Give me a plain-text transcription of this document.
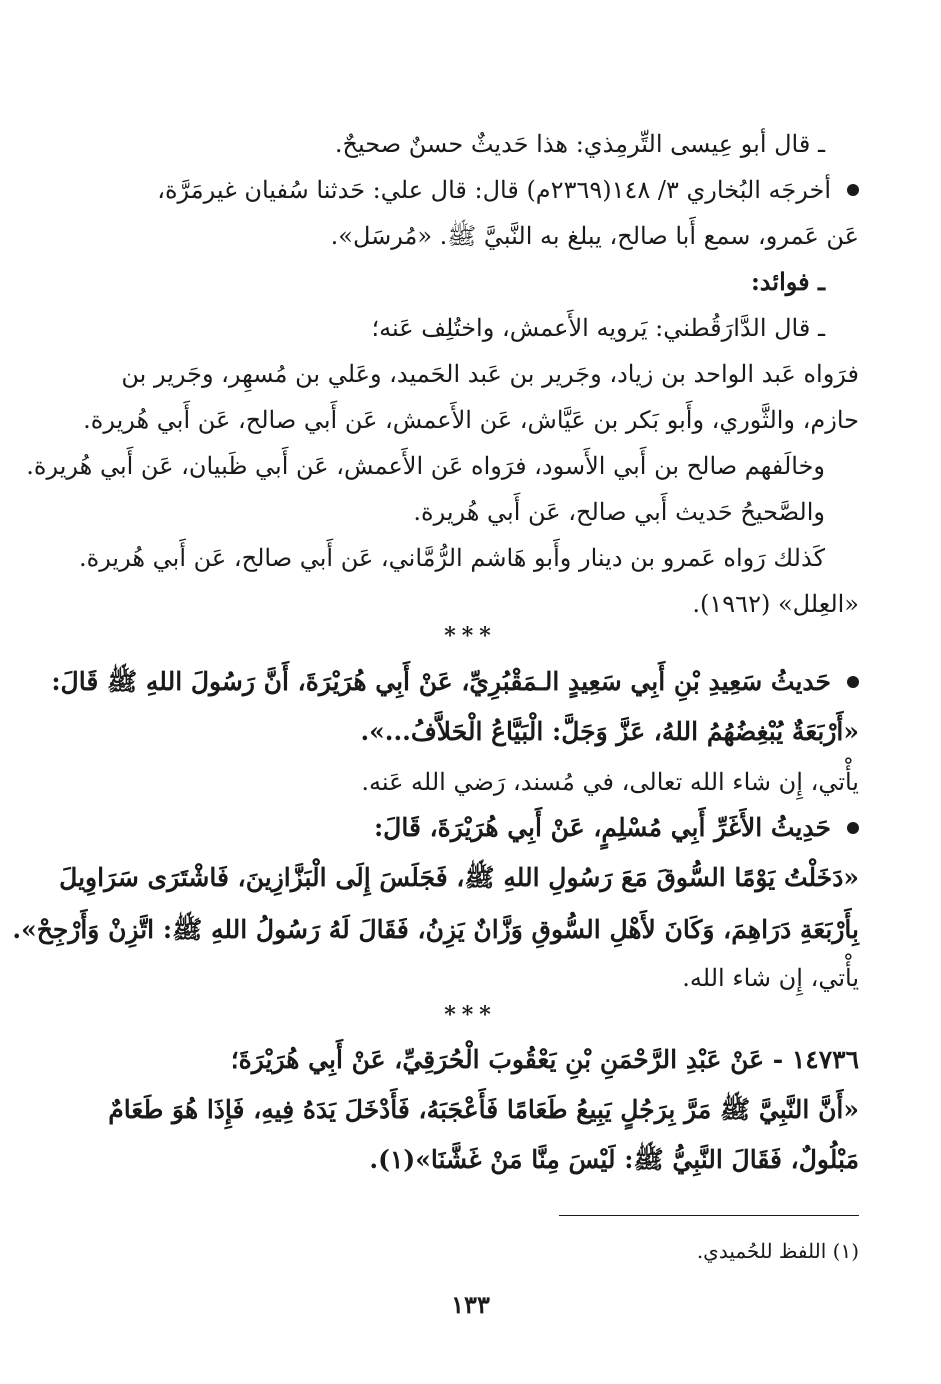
ـ قال أبو عِيسى التِّرمِذي: هذا حَديثٌ حسنٌ صحيحٌ.
أخرجَه البُخاري ٣/ ١٤٨(٢٣٦٩م) قال: قال علي: حَدثنا سُفيان غيرمَرَّة،
عَن عَمرو، سمع أَبا صالح، يبلغ به النَّبيَّ ﷺ. «مُرسَل».
ـ فوائد:
ـ قال الدَّارَقُطني: يَرويه الأَعمش، واختُلِف عَنه؛
فرَواه عَبد الواحد بن زياد، وجَرير بن عَبد الحَميد، وعَلي بن مُسهِر، وجَرير بن
حازم، والثَّوري، وأَبو بَكر بن عَيَّاش، عَن الأَعمش، عَن أَبي صالح، عَن أَبي هُريرة.
وخالَفهم صالح بن أَبي الأَسود، فرَواه عَن الأَعمش، عَن أَبي ظَبيان، عَن أَبي هُريرة.
والصَّحيحُ حَديث أَبي صالح، عَن أَبي هُريرة.
كَذلك رَواه عَمرو بن دينار وأَبو هَاشم الرُّمَّاني، عَن أَبي صالح، عَن أَبي هُريرة.
«العِلل» (١٩٦٢).
***
حَديثُ سَعِيدِ بْنِ أَبِي سَعِيدٍ الـمَقْبُرِيِّ، عَنْ أَبِي هُرَيْرَةَ، أَنَّ رَسُولَ اللهِ ﷺ قَالَ:
«أَرْبَعَةٌ يُبْغِضُهُمُ اللهُ، عَزَّ وَجَلَّ: الْبَيَّاعُ الْحَلاَّفُ...».
يأْتي، إِن شاء الله تعالى، في مُسند، رَضي الله عَنه.
حَدِيثُ الأَغَرِّ أَبِي مُسْلِمٍ، عَنْ أَبِي هُرَيْرَةَ، قَالَ:
«دَخَلْتُ يَوْمًا السُّوقَ مَعَ رَسُولِ اللهِ ﷺ، فَجَلَسَ إِلَى الْبَزَّازِينَ، فَاشْتَرَى سَرَاوِيلَ
بِأَرْبَعَةِ دَرَاهِمَ، وَكَانَ لأَهْلِ السُّوقِ وَزَّانٌ يَزِنُ، فَقَالَ لَهُ رَسُولُ اللهِ ﷺ: اتَّزِنْ وَأَرْجِحْ».
يأْتي، إِن شاء الله.
***
١٤٧٣٦ - عَنْ عَبْدِ الرَّحْمَنِ بْنِ يَعْقُوبَ الْحُرَقِيِّ، عَنْ أَبِي هُرَيْرَةَ؛
«أَنَّ النَّبِيَّ ﷺ مَرَّ بِرَجُلٍ يَبِيعُ طَعَامًا فَأَعْجَبَهُ، فَأَدْخَلَ يَدَهُ فِيهِ، فَإِذَا هُوَ طَعَامٌ
مَبْلُولٌ، فَقَالَ النَّبِيُّ ﷺ: لَيْسَ مِنَّا مَنْ غَشَّنَا»(١).
(١) اللفظ للحُميدي.
١٣٣
